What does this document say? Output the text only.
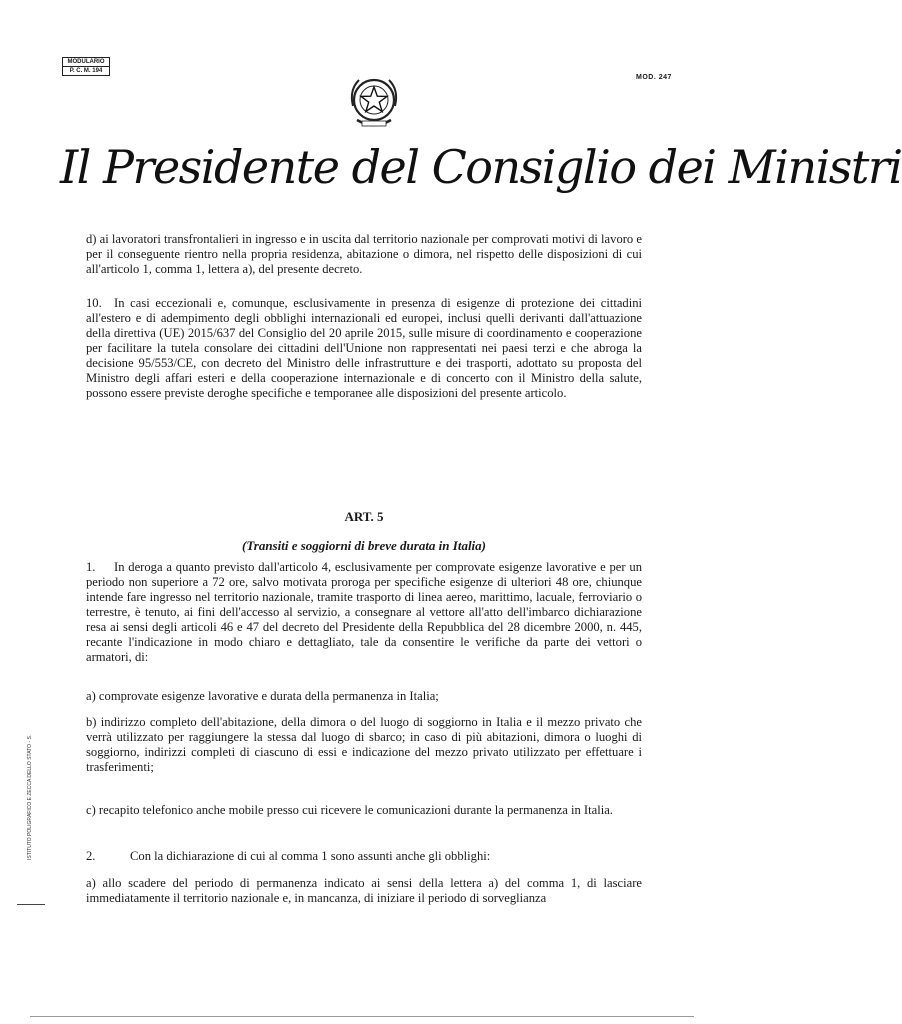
MODULARIO
P. C. M. 194
MOD. 247
Il Presidente del Consiglio dei Ministri

d) ai lavoratori transfrontalieri in ingresso e in uscita dal territorio nazionale per comprovati motivi di lavoro e per il conseguente rientro nella propria residenza, abitazione o dimora, nel rispetto delle disposizioni di cui all'articolo 1, comma 1, lettera a), del presente decreto.

10. In casi eccezionali e, comunque, esclusivamente in presenza di esigenze di protezione dei cittadini all'estero e di adempimento degli obblighi internazionali ed europei, inclusi quelli derivanti dall'attuazione della direttiva (UE) 2015/637 del Consiglio del 20 aprile 2015, sulle misure di coordinamento e cooperazione per facilitare la tutela consolare dei cittadini dell'Unione non rappresentati nei paesi terzi e che abroga la decisione 95/553/CE, con decreto del Ministro delle infrastrutture e dei trasporti, adottato su proposta del Ministro degli affari esteri e della cooperazione internazionale e di concerto con il Ministro della salute, possono essere previste deroghe specifiche e temporanee alle disposizioni del presente articolo.

ART. 5
(Transiti e soggiorni di breve durata in Italia)

1. In deroga a quanto previsto dall'articolo 4, esclusivamente per comprovate esigenze lavorative e per un periodo non superiore a 72 ore, salvo motivata proroga per specifiche esigenze di ulteriori 48 ore, chiunque intende fare ingresso nel territorio nazionale, tramite trasporto di linea aereo, marittimo, lacuale, ferroviario o terrestre, è tenuto, ai fini dell'accesso al servizio, a consegnare al vettore all'atto dell'imbarco dichiarazione resa ai sensi degli articoli 46 e 47 del decreto del Presidente della Repubblica del 28 dicembre 2000, n. 445, recante l'indicazione in modo chiaro e dettagliato, tale da consentire le verifiche da parte dei vettori o armatori, di:

a) comprovate esigenze lavorative e durata della permanenza in Italia;

b) indirizzo completo dell'abitazione, della dimora o del luogo di soggiorno in Italia e il mezzo privato che verrà utilizzato per raggiungere la stessa dal luogo di sbarco; in caso di più abitazioni, dimora o luoghi di soggiorno, indirizzi completi di ciascuno di essi e indicazione del mezzo privato utilizzato per effettuare i trasferimenti;

c) recapito telefonico anche mobile presso cui ricevere le comunicazioni durante la permanenza in Italia.

2.	Con la dichiarazione di cui al comma 1 sono assunti anche gli obblighi:

a) allo scadere del periodo di permanenza indicato ai sensi della lettera a) del comma 1, di lasciare immediatamente il territorio nazionale e, in mancanza, di iniziare il periodo di sorveglianza

ISTITUTO POLIGRAFICO E ZECCA DELLO STATO - S.
